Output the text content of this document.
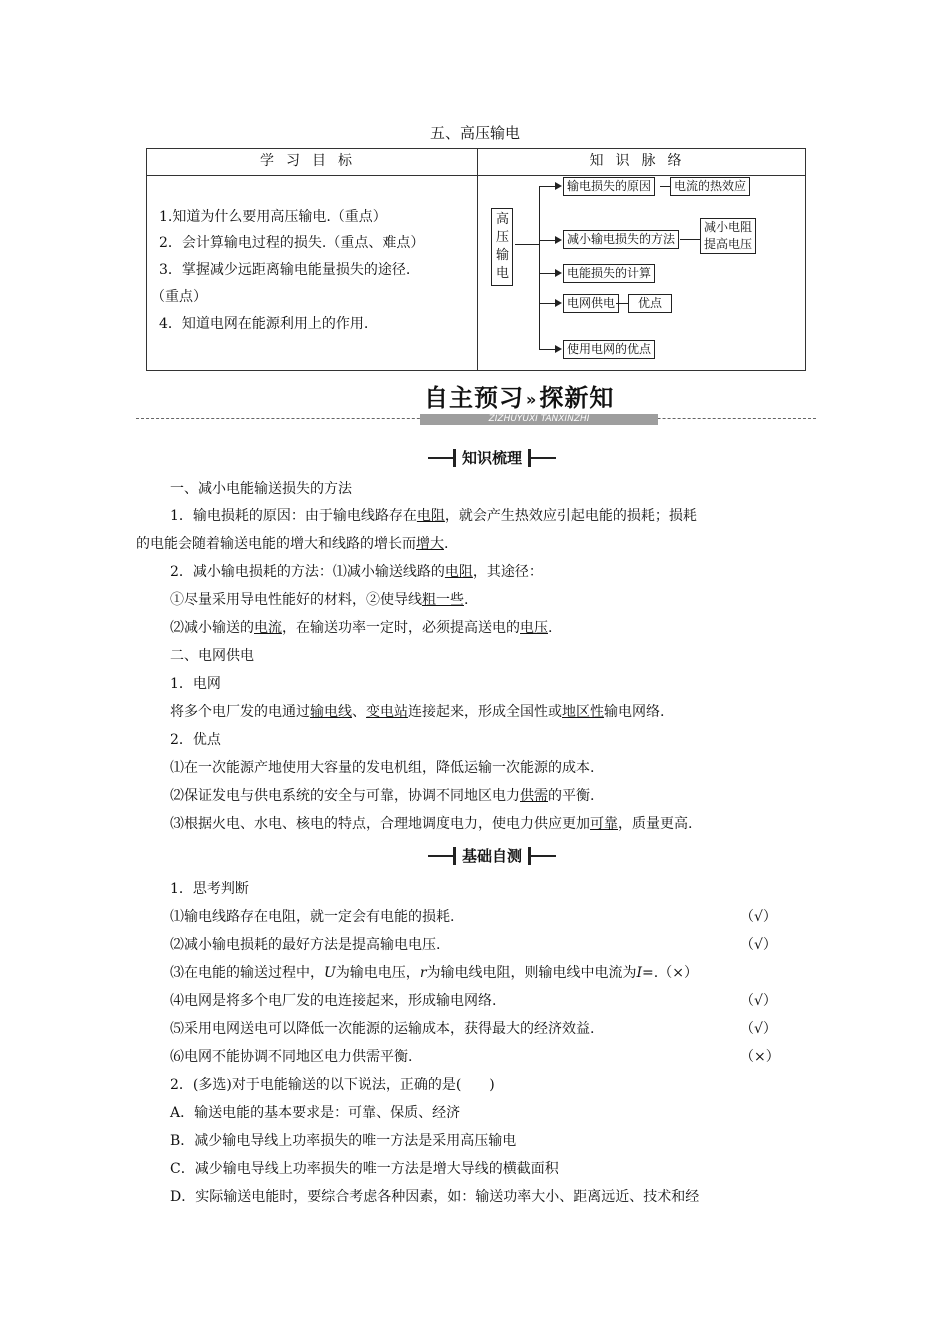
五、高压输电
学习目标	知识脉络

1.知道为什么要用高压输电.（重点）
2．会计算输电过程的损失.（重点、难点）
3．掌握减少远距离输电能量损失的途径.
（重点）
4．知道电网在能源利用上的作用.	

高压输电
输电损失的原因	电流的热效应
减小输电损失的方法
减小电阻
提高电压
电能损失的计算
电网供电	优点
使用电网的优点
自主预习 »探新知
ZIZHUYUXI TANXINZHI
知识梳理
一、减小电能输送损失的方法
1．输电损耗的原因：由于输电线路存在电阻，就会产生热效应引起电能的损耗；损耗
的电能会随着输送电能的增大和线路的增长而增大.
2．减小输电损耗的方法：⑴减小输送线路的电阻，其途径：
①尽量采用导电性能好的材料，②使导线粗一些.
⑵减小输送的电流，在输送功率一定时，必须提高送电的电压.
二、电网供电
1．电网
将多个电厂发的电通过输电线、变电站连接起来，形成全国性或地区性输电网络.
2．优点
⑴在一次能源产地使用大容量的发电机组，降低运输一次能源的成本.
⑵保证发电与供电系统的安全与可靠，协调不同地区电力供需的平衡.
⑶根据火电、水电、核电的特点，合理地调度电力，使电力供应更加可靠，质量更高.
基础自测
1．思考判断
⑴输电线路存在电阻，就一定会有电能的损耗.	（√）
⑵减小输电损耗的最好方法是提高输电电压.	（√）
⑶在电能的输送过程中，U为输电电压，r为输电线电阻，则输电线中电流为I=.（×）
⑷电网是将多个电厂发的电连接起来，形成输电网络.	（√）
⑸采用电网送电可以降低一次能源的运输成本，获得最大的经济效益.	（√）
⑹电网不能协调不同地区电力供需平衡.	（×）
2．(多选)对于电能输送的以下说法，正确的是(　　)
A．输送电能的基本要求是：可靠、保质、经济
B．减少输电导线上功率损失的唯一方法是采用高压输电
C．减少输电导线上功率损失的唯一方法是增大导线的横截面积
D．实际输送电能时，要综合考虑各种因素，如：输送功率大小、距离远近、技术和经
